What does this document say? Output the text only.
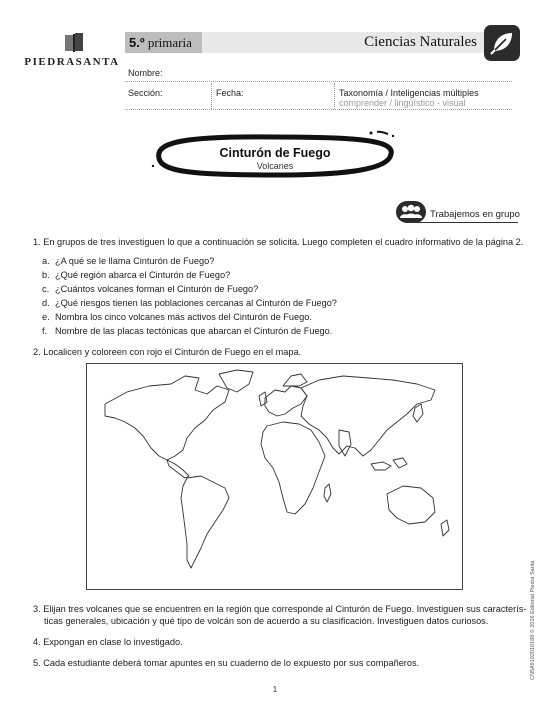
PIEDRASANTA
5.º primaria	Ciencias Naturales
Nombre:
Sección:	Fecha:	Taxonomía / Inteligencias múltiples
comprender / lingüístico - visual
Cinturón de Fuego
Volcanes
Trabajemos en grupo
1. En grupos de tres investiguen lo que a continuación se solicita. Luego completen el cuadro informativo de la página 2.
a. ¿A qué se le llama Cinturón de Fuego?
b. ¿Qué región abarca el Cinturón de Fuego?
c. ¿Cuántos volcanes forman el Cinturón de Fuego?
d. ¿Qué riesgos tienen las poblaciones cercanas al Cinturón de Fuego?
e. Nombra los cinco volcanes más activos del Cinturón de Fuego.
f. Nombre de las placas tectónicas que abarcan el Cinturón de Fuego.
2. Localicen y coloreen con rojo el Cinturón de Fuego en el mapa.
3. Elijan tres volcanes que se encuentren en la región que corresponde al Cinturón de Fuego. Investiguen sus caracterís-
ticas generales, ubicación y qué tipo de volcán son de acuerdo a su clasificación. Investiguen datos curiosos.
4. Expongan en clase lo investigado.
5. Cada estudiante deberá tomar apuntes en su cuaderno de lo expuesto por sus compañeros.	CN5A9102010188 © 2016 Editorial Piedra Santa
1
